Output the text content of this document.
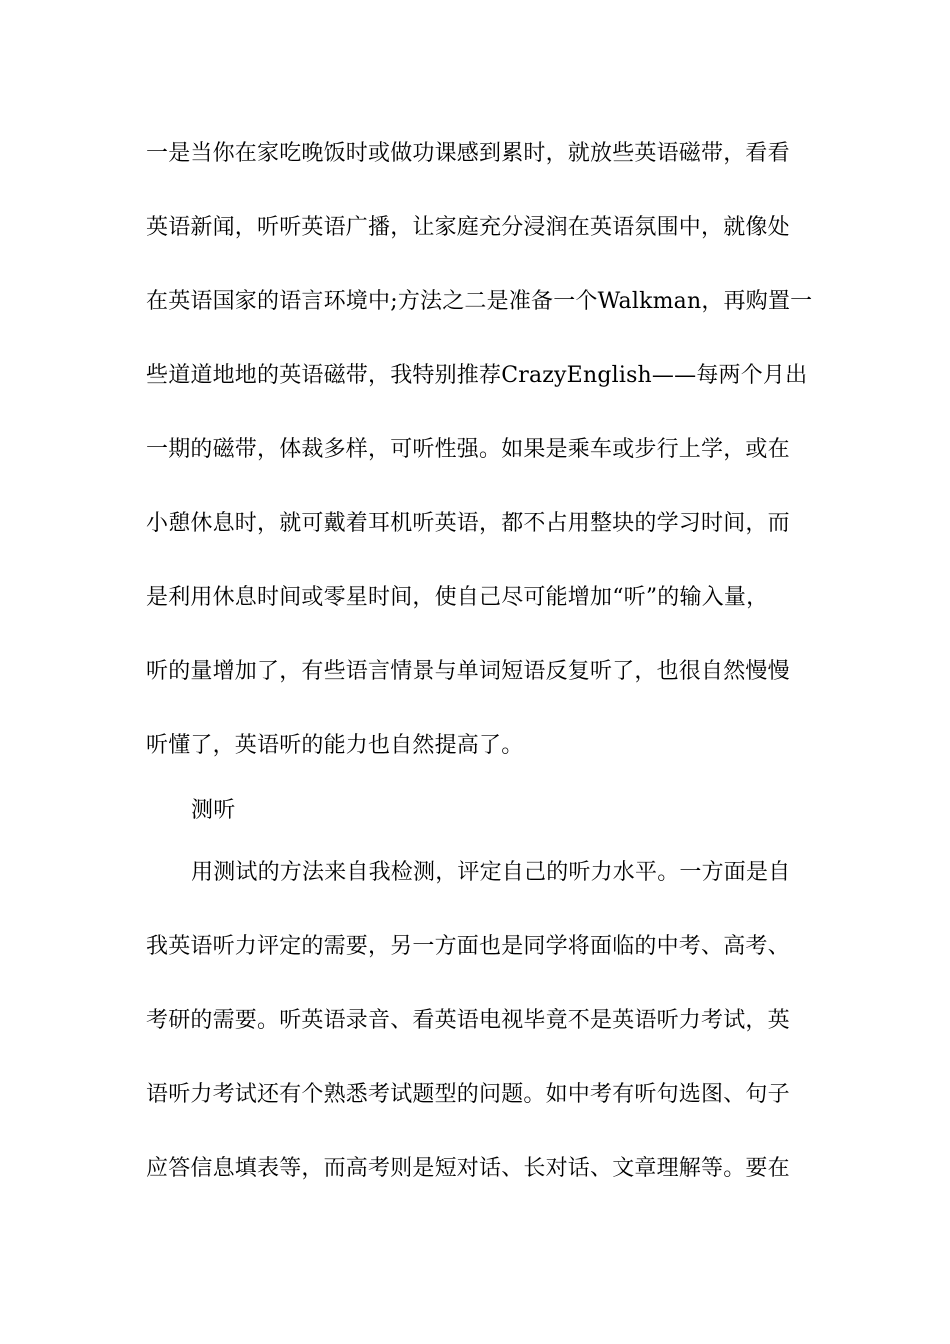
一是当你在家吃晚饭时或做功课感到累时，就放些英语磁带，看看
英语新闻，听听英语广播，让家庭充分浸润在英语氛围中，就像处
在英语国家的语言环境中;方法之二是准备一个Walkman，再购置一
些道道地地的英语磁带，我特别推荐CrazyEnglish——每两个月出
一期的磁带，体裁多样，可听性强。如果是乘车或步行上学，或在
小憩休息时，就可戴着耳机听英语，都不占用整块的学习时间，而
是利用休息时间或零星时间，使自己尽可能增加“听”的输入量，
听的量增加了，有些语言情景与单词短语反复听了，也很自然慢慢
听懂了，英语听的能力也自然提高了。
测听
用测试的方法来自我检测，评定自己的听力水平。一方面是自
我英语听力评定的需要，另一方面也是同学将面临的中考、高考、
考研的需要。听英语录音、看英语电视毕竟不是英语听力考试，英
语听力考试还有个熟悉考试题型的问题。如中考有听句选图、句子
应答信息填表等，而高考则是短对话、长对话、文章理解等。要在
